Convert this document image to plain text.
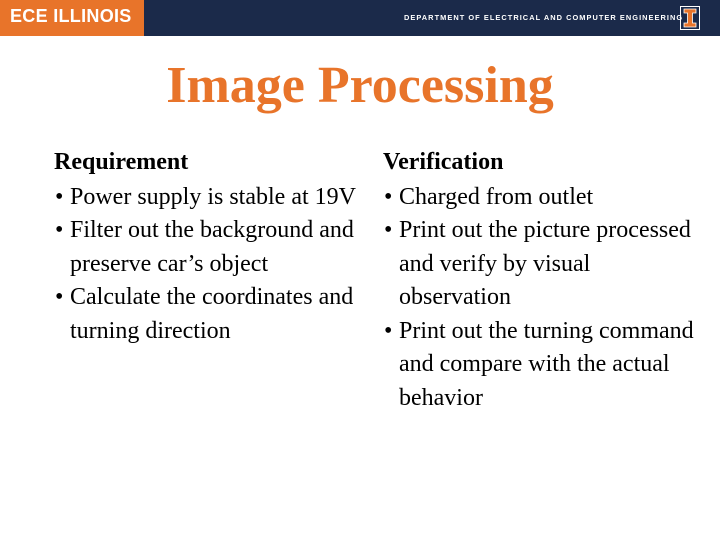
ECE ILLINOIS	DEPARTMENT OF ELECTRICAL AND COMPUTER ENGINEERING
Image Processing
Requirement
• Power supply is stable at 19V
• Filter out the background and preserve car’s object
• Calculate the coordinates and turning direction
Verification
• Charged from outlet
• Print out the picture processed and verify by visual observation
• Print out the turning command and compare with the actual behavior
